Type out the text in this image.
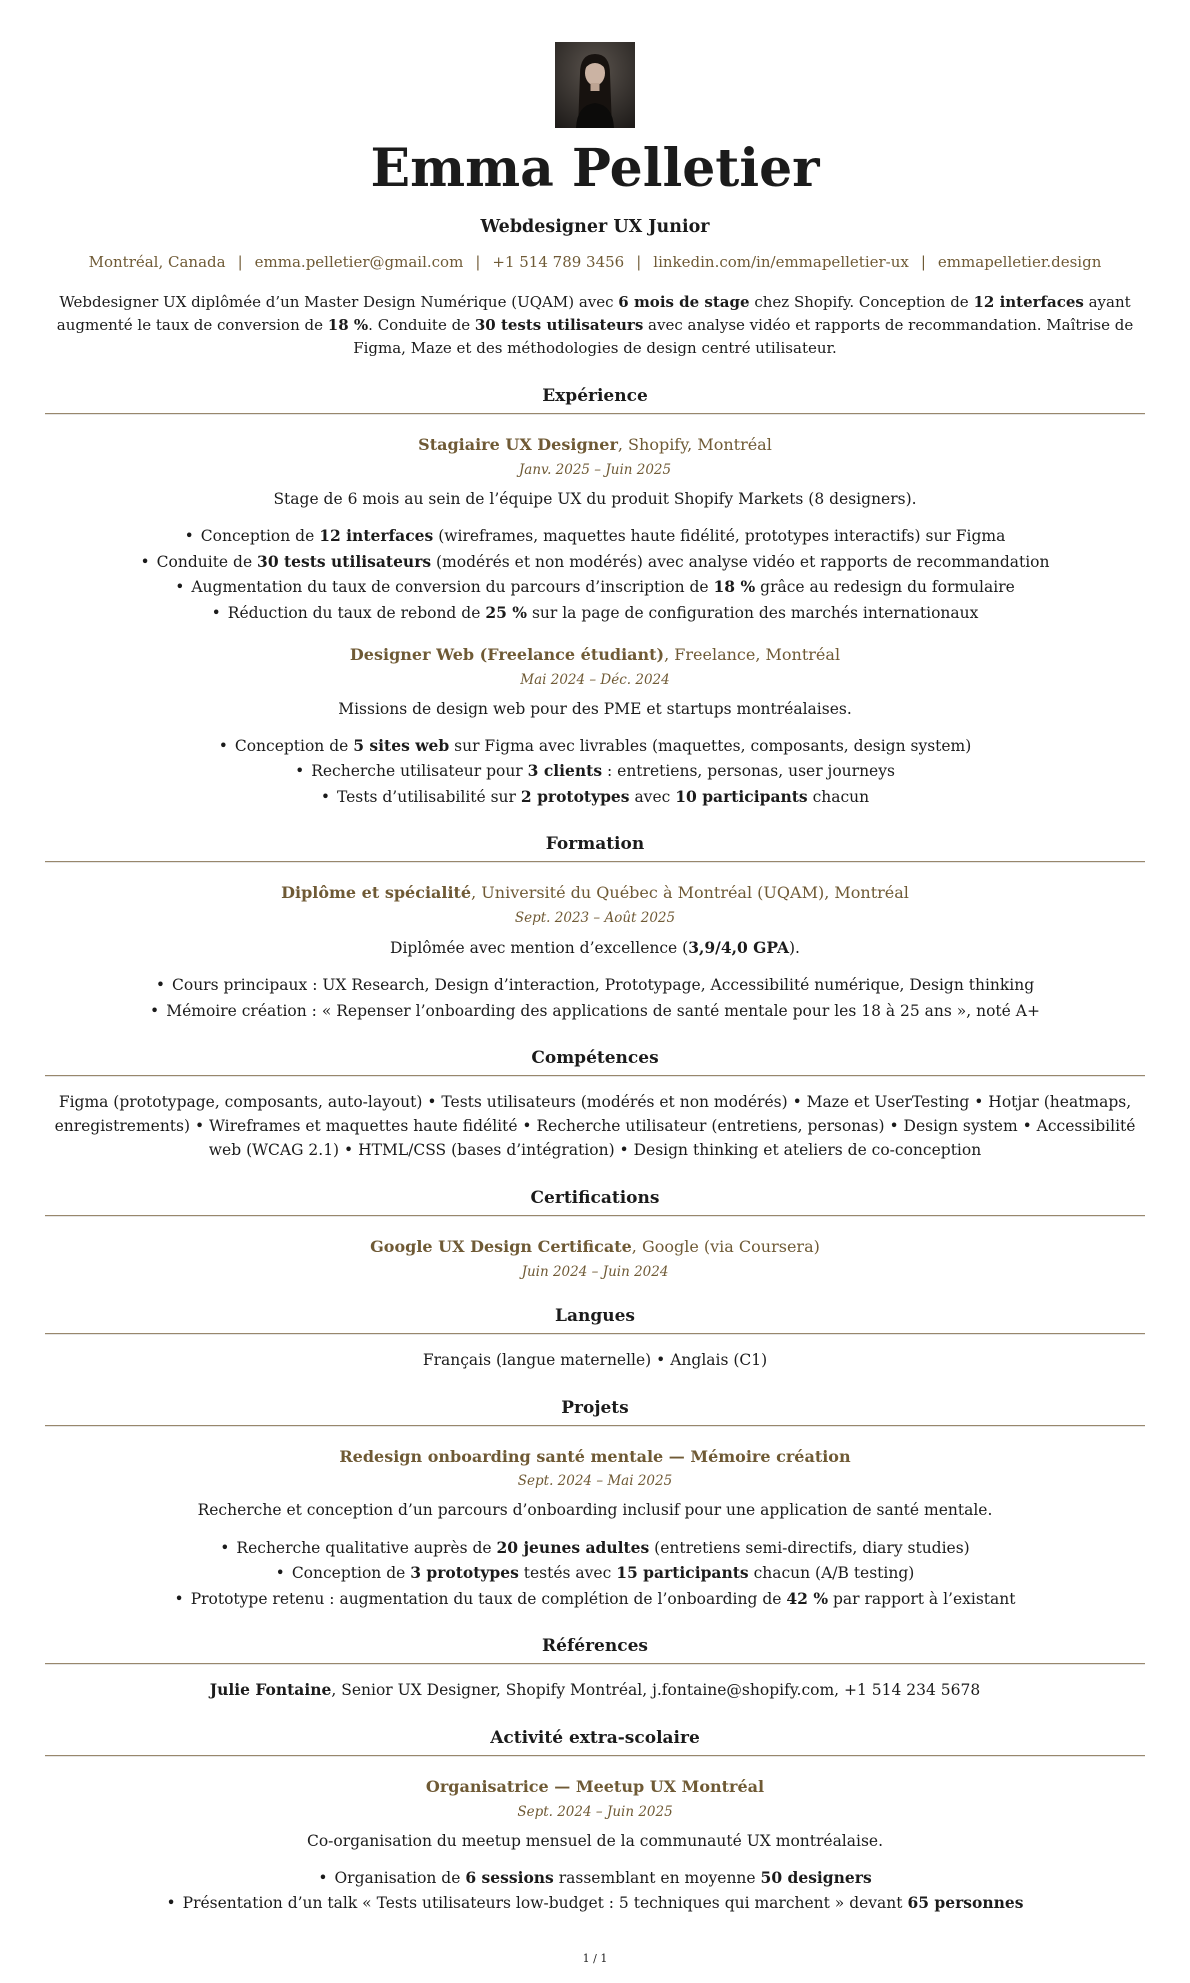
Emma Pelletier
Webdesigner UX Junior
Montréal, Canada | emma.pelletier@gmail.com | +1 514 789 3456 | linkedin.com/in/emmapelletier-ux | emmapelletier.design

Webdesigner UX diplômée d’un Master Design Numérique (UQAM) avec 6 mois de stage chez Shopify. Conception de 12 interfaces ayant augmenté le taux de conversion de 18 %. Conduite de 30 tests utilisateurs avec analyse vidéo et rapports de recommandation. Maîtrise de Figma, Maze et des méthodologies de design centré utilisateur.

Expérience
Stagiaire UX Designer, Shopify, Montréal
Janv. 2025 – Juin 2025

Stage de 6 mois au sein de l’équipe UX du produit Shopify Markets (8 designers).

• Conception de 12 interfaces (wireframes, maquettes haute fidélité, prototypes interactifs) sur Figma
• Conduite de 30 tests utilisateurs (modérés et non modérés) avec analyse vidéo et rapports de recommandation
• Augmentation du taux de conversion du parcours d’inscription de 18 % grâce au redesign du formulaire
• Réduction du taux de rebond de 25 % sur la page de configuration des marchés internationaux
Designer Web (Freelance étudiant), Freelance, Montréal
Mai 2024 – Déc. 2024

Missions de design web pour des PME et startups montréalaises.

• Conception de 5 sites web sur Figma avec livrables (maquettes, composants, design system)
• Recherche utilisateur pour 3 clients : entretiens, personas, user journeys
• Tests d’utilisabilité sur 2 prototypes avec 10 participants chacun
Formation
Diplôme et spécialité, Université du Québec à Montréal (UQAM), Montréal
Sept. 2023 – Août 2025

Diplômée avec mention d’excellence (3,9/4,0 GPA).

• Cours principaux : UX Research, Design d’interaction, Prototypage, Accessibilité numérique, Design thinking
• Mémoire création : « Repenser l’onboarding des applications de santé mentale pour les 18 à 25 ans », noté A+
Compétences

Figma (prototypage, composants, auto-layout) • Tests utilisateurs (modérés et non modérés) • Maze et UserTesting • Hotjar (heatmaps, enregistrements) • Wireframes et maquettes haute fidélité • Recherche utilisateur (entretiens, personas) • Design system • Accessibilité web (WCAG 2.1) • HTML/CSS (bases d’intégration) • Design thinking et ateliers de co-conception

Certifications
Google UX Design Certificate, Google (via Coursera)
Juin 2024 – Juin 2024
Langues

Français (langue maternelle) • Anglais (C1)

Projets
Redesign onboarding santé mentale — Mémoire création
Sept. 2024 – Mai 2025

Recherche et conception d’un parcours d’onboarding inclusif pour une application de santé mentale.

• Recherche qualitative auprès de 20 jeunes adultes (entretiens semi-directifs, diary studies)
• Conception de 3 prototypes testés avec 15 participants chacun (A/B testing)
• Prototype retenu : augmentation du taux de complétion de l’onboarding de 42 % par rapport à l’existant
Références

Julie Fontaine, Senior UX Designer, Shopify Montréal, j.fontaine@shopify.com, +1 514 234 5678

Activité extra-scolaire
Organisatrice — Meetup UX Montréal
Sept. 2024 – Juin 2025

Co-organisation du meetup mensuel de la communauté UX montréalaise.

• Organisation de 6 sessions rassemblant en moyenne 50 designers
• Présentation d’un talk « Tests utilisateurs low-budget : 5 techniques qui marchent » devant 65 personnes
1 / 1
